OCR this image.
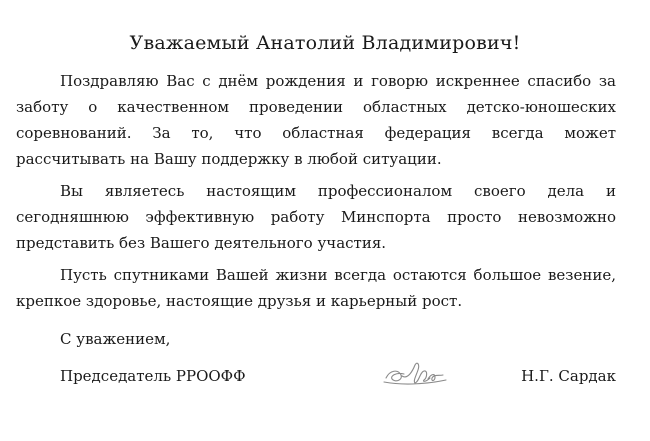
Уважаемый Анатолий Владимирович!

Поздравляю Вас с днём рождения и говорю искреннее спасибо за заботу о качественном проведении областных детско-юношеских соревнований. За то, что областная федерация всегда может рассчитывать на Вашу поддержку в любой ситуации.

Вы являетесь настоящим профессионалом своего дела и сегодняшнюю эффективную работу Минспорта просто невозможно представить без Вашего деятельного участия.

Пусть спутниками Вашей жизни всегда остаются большое везение, крепкое здоровье, настоящие друзья и карьерный рост.

С уважением,
Председатель РРООФФ	Н.Г. Сардак
